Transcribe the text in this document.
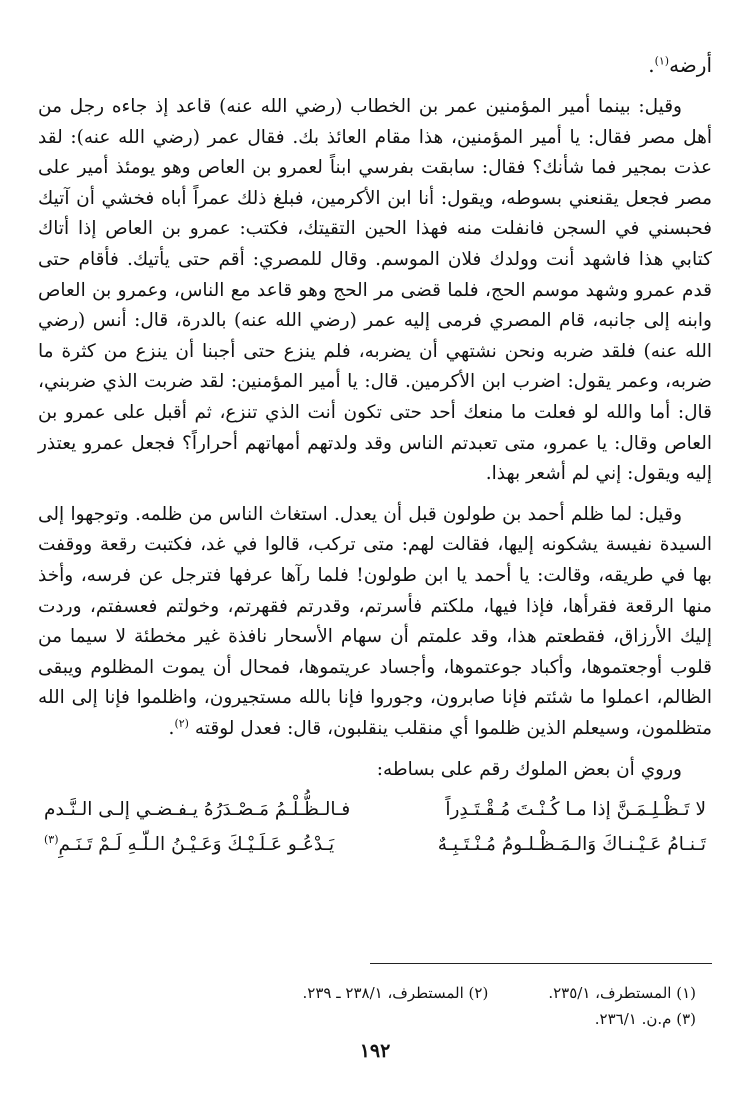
أرضه$^{(١)}$.
وقيل: بينما أمير المؤمنين عمر بن الخطاب (رضي الله عنه) قاعد إذ جاءه رجل من أهل مصر فقال: يا أمير المؤمنين، هذا مقام العائذ بك. فقال عمر (رضي الله عنه): لقد عذت بمجير فما شأنك؟ فقال: سابقت بفرسي ابناً لعمرو بن العاص وهو يومئذ أمير على مصر فجعل يقنعني بسوطه، ويقول: أنا ابن الأكرمين، فبلغ ذلك عمراً أباه فخشي أن آتيك فحبسني في السجن فانفلت منه فهذا الحين التقيتك، فكتب: عمرو بن العاص إذا أتاك كتابي هذا فاشهد أنت وولدك فلان الموسم. وقال للمصري: أقم حتى يأتيك. فأقام حتى قدم عمرو وشهد موسم الحج، فلما قضى مر الحج وهو قاعد مع الناس، وعمرو بن العاص وابنه إلى جانبه، قام المصري فرمى إليه عمر (رضي الله عنه) بالدرة، قال: أنس (رضي الله عنه) فلقد ضربه ونحن نشتهي أن يضربه، فلم ينزع حتى أجبنا أن ينزع من كثرة ما ضربه، وعمر يقول: اضرب ابن الأكرمين. قال: يا أمير المؤمنين: لقد ضربت الذي ضربني، قال: أما والله لو فعلت ما منعك أحد حتى تكون أنت الذي تنزع، ثم أقبل على عمرو بن العاص وقال: يا عمرو، متى تعبدتم الناس وقد ولدتهم أمهاتهم أحراراً؟ فجعل عمرو يعتذر إليه ويقول: إني لم أشعر بهذا.
وقيل: لما ظلم أحمد بن طولون قبل أن يعدل. استغاث الناس من ظلمه. وتوجهوا إلى السيدة نفيسة يشكونه إليها، فقالت لهم: متى تركب، قالوا في غد، فكتبت رقعة ووقفت بها في طريقه، وقالت: يا أحمد يا ابن طولون! فلما رآها عرفها فترجل عن فرسه، وأخذ منها الرقعة فقرأها، فإذا فيها، ملكتم فأسرتم، وقدرتم فقهرتم، وخولتم فعسفتم، وردت إليك الأرزاق، فقطعتم هذا، وقد علمتم أن سهام الأسحار نافذة غير مخطئة لا سيما من قلوب أوجعتموها، وأكباد جوعتموها، وأجساد عريتموها، فمحال أن يموت المظلوم ويبقى الظالم، اعملوا ما شئتم فإنا صابرون، وجوروا فإنا بالله مستجيرون، واظلموا فإنا إلى الله متظلمون، وسيعلم الذين ظلموا أي منقلب ينقلبون، قال: فعدل لوقته $^{(٢)}$.
وروي أن بعض الملوك رقم على بساطه:
لا تَـظْـلِـمَـنَّ إذا مـا كُـنْـتَ مُـقْـتَـدِراً
فـالـظُّـلْـمُ مَـصْـدَرُهُ يـفـضـي إلـى الـنَّـدم
تَـنـامُ عَـيْـنـاكَ وَالـمَـظْـلـومُ مُـنْـتَـبِـهٌ
يَـدْعُـو عَـلَـيْـكَ وَعَـيْـنُ الـلّـهِ لَـمْ تَـنَـمِ$^{(٣)}$
(١) المستطرف، ٢٣٥/١.
(٢) المستطرف، ٢٣٨/١ ـ ٢٣٩.
(٣) م.ن. ٢٣٦/١.
١٩٢
